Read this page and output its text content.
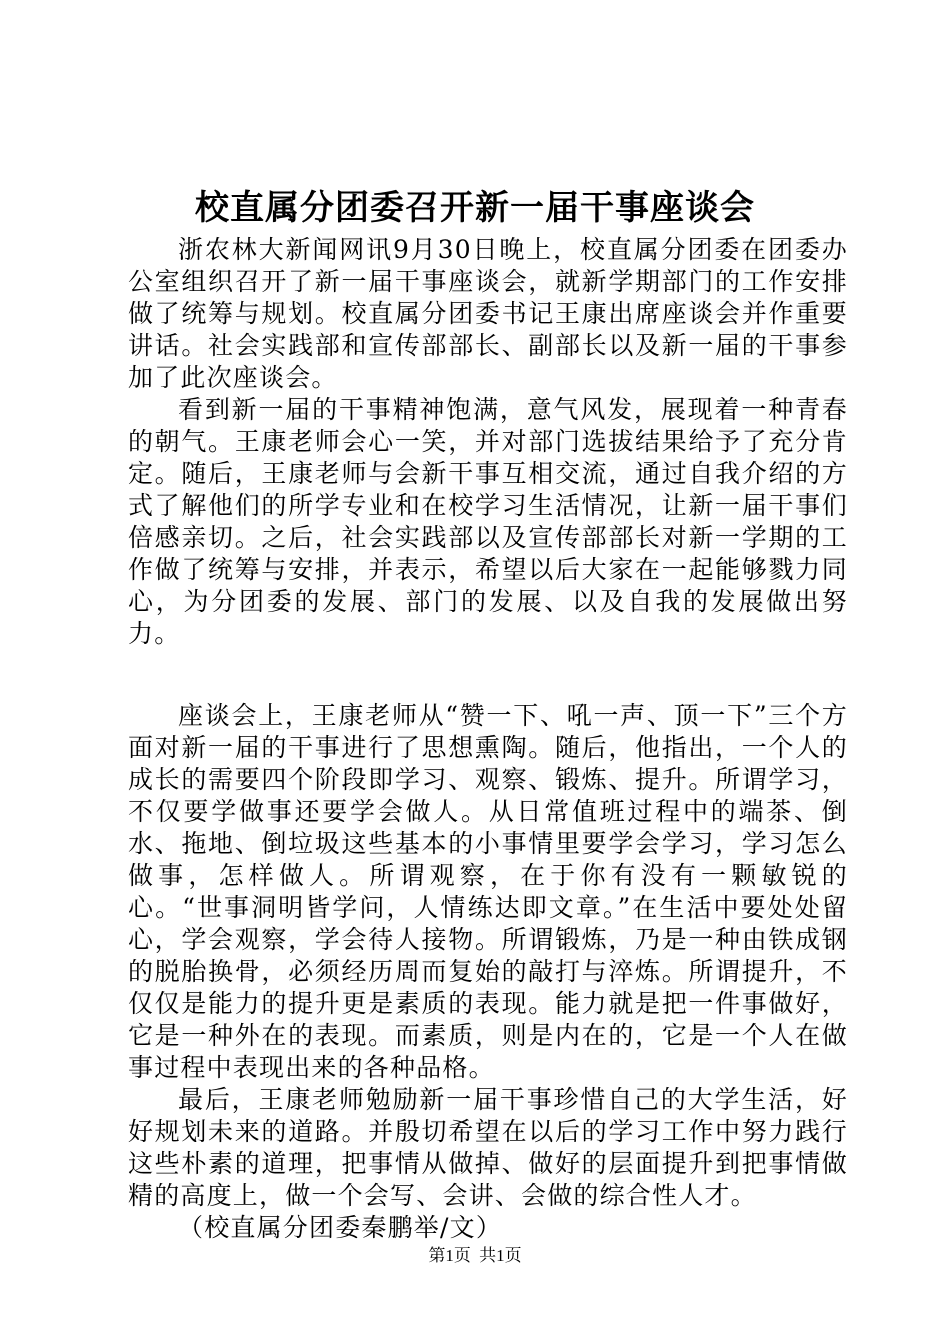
校直属分团委召开新一届干事座谈会

浙农林大新闻网讯9月30日晚上，校直属分团委在团委办公室组织召开了新一届干事座谈会，就新学期部门的工作安排做了统筹与规划。校直属分团委书记王康出席座谈会并作重要讲话。社会实践部和宣传部部长、副部长以及新一届的干事参加了此次座谈会。

看到新一届的干事精神饱满，意气风发，展现着一种青春的朝气。王康老师会心一笑，并对部门选拔结果给予了充分肯定。随后，王康老师与会新干事互相交流，通过自我介绍的方式了解他们的所学专业和在校学习生活情况，让新一届干事们倍感亲切。之后，社会实践部以及宣传部部长对新一学期的工作做了统筹与安排，并表示，希望以后大家在一起能够戮力同心，为分团委的发展、部门的发展、以及自我的发展做出努力。

座谈会上，王康老师从“赞一下、吼一声、顶一下”三个方面对新一届的干事进行了思想熏陶。随后，他指出，一个人的成长的需要四个阶段即学习、观察、锻炼、提升。所谓学习，不仅要学做事还要学会做人。从日常值班过程中的端茶、倒水、拖地、倒垃圾这些基本的小事情里要学会学习，学习怎么做事，怎样做人。所谓观察，在于你有没有一颗敏锐的心。“世事洞明皆学问，人情练达即文章。”在生活中要处处留心，学会观察，学会待人接物。所谓锻炼，乃是一种由铁成钢的脱胎换骨，必须经历周而复始的敲打与淬炼。所谓提升，不仅仅是能力的提升更是素质的表现。能力就是把一件事做好，它是一种外在的表现。而素质，则是内在的，它是一个人在做事过程中表现出来的各种品格。

最后，王康老师勉励新一届干事珍惜自己的大学生活，好好规划未来的道路。并殷切希望在以后的学习工作中努力践行这些朴素的道理，把事情从做掉、做好的层面提升到把事情做精的高度上，做一个会写、会讲、会做的综合性人才。

（校直属分团委秦鹏举/文）

第1页 共1页
